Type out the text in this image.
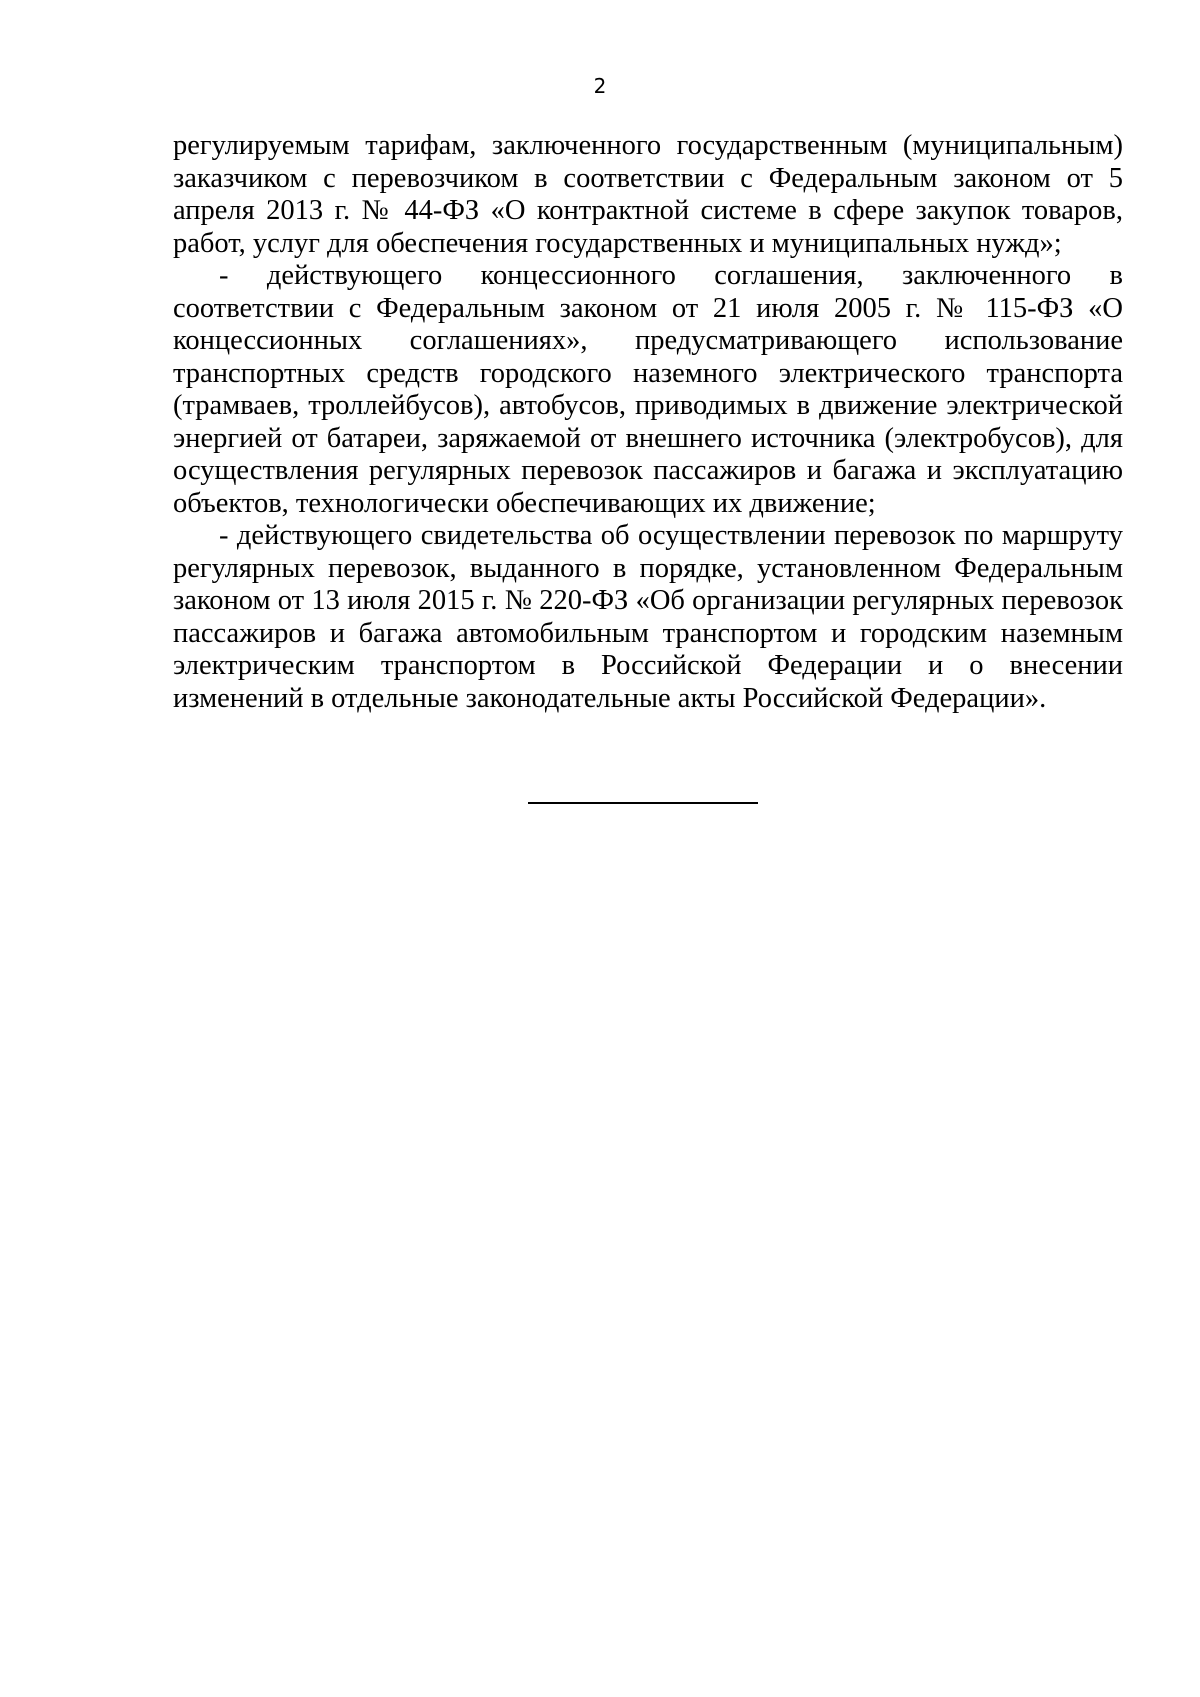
2

регулируемым тарифам, заключенного государственным (муниципальным) заказчиком с перевозчиком в соответствии с Федеральным законом от 5 апреля 2013 г. № 44-ФЗ «О контрактной системе в сфере закупок товаров, работ, услуг для обеспечения государственных и муниципальных нужд»;

- действующего концессионного соглашения, заключенного в соответствии с Федеральным законом от 21 июля 2005 г. № 115-ФЗ «О концессионных соглашениях», предусматривающего использование транспортных средств городского наземного электрического транспорта (трамваев, троллейбусов), автобусов, приводимых в движение электрической энергией от батареи, заряжаемой от внешнего источника (электробусов), для осуществления регулярных перевозок пассажиров и багажа и эксплуатацию объектов, технологически обеспечивающих их движение;

- действующего свидетельства об осуществлении перевозок по маршруту регулярных перевозок, выданного в порядке, установленном Федеральным законом от 13 июля 2015 г. № 220-ФЗ «Об организации регулярных перевозок пассажиров и багажа автомобильным транспортом и городским наземным электрическим транспортом в Российской Федерации и о внесении изменений в отдельные законодательные акты Российской Федерации».
